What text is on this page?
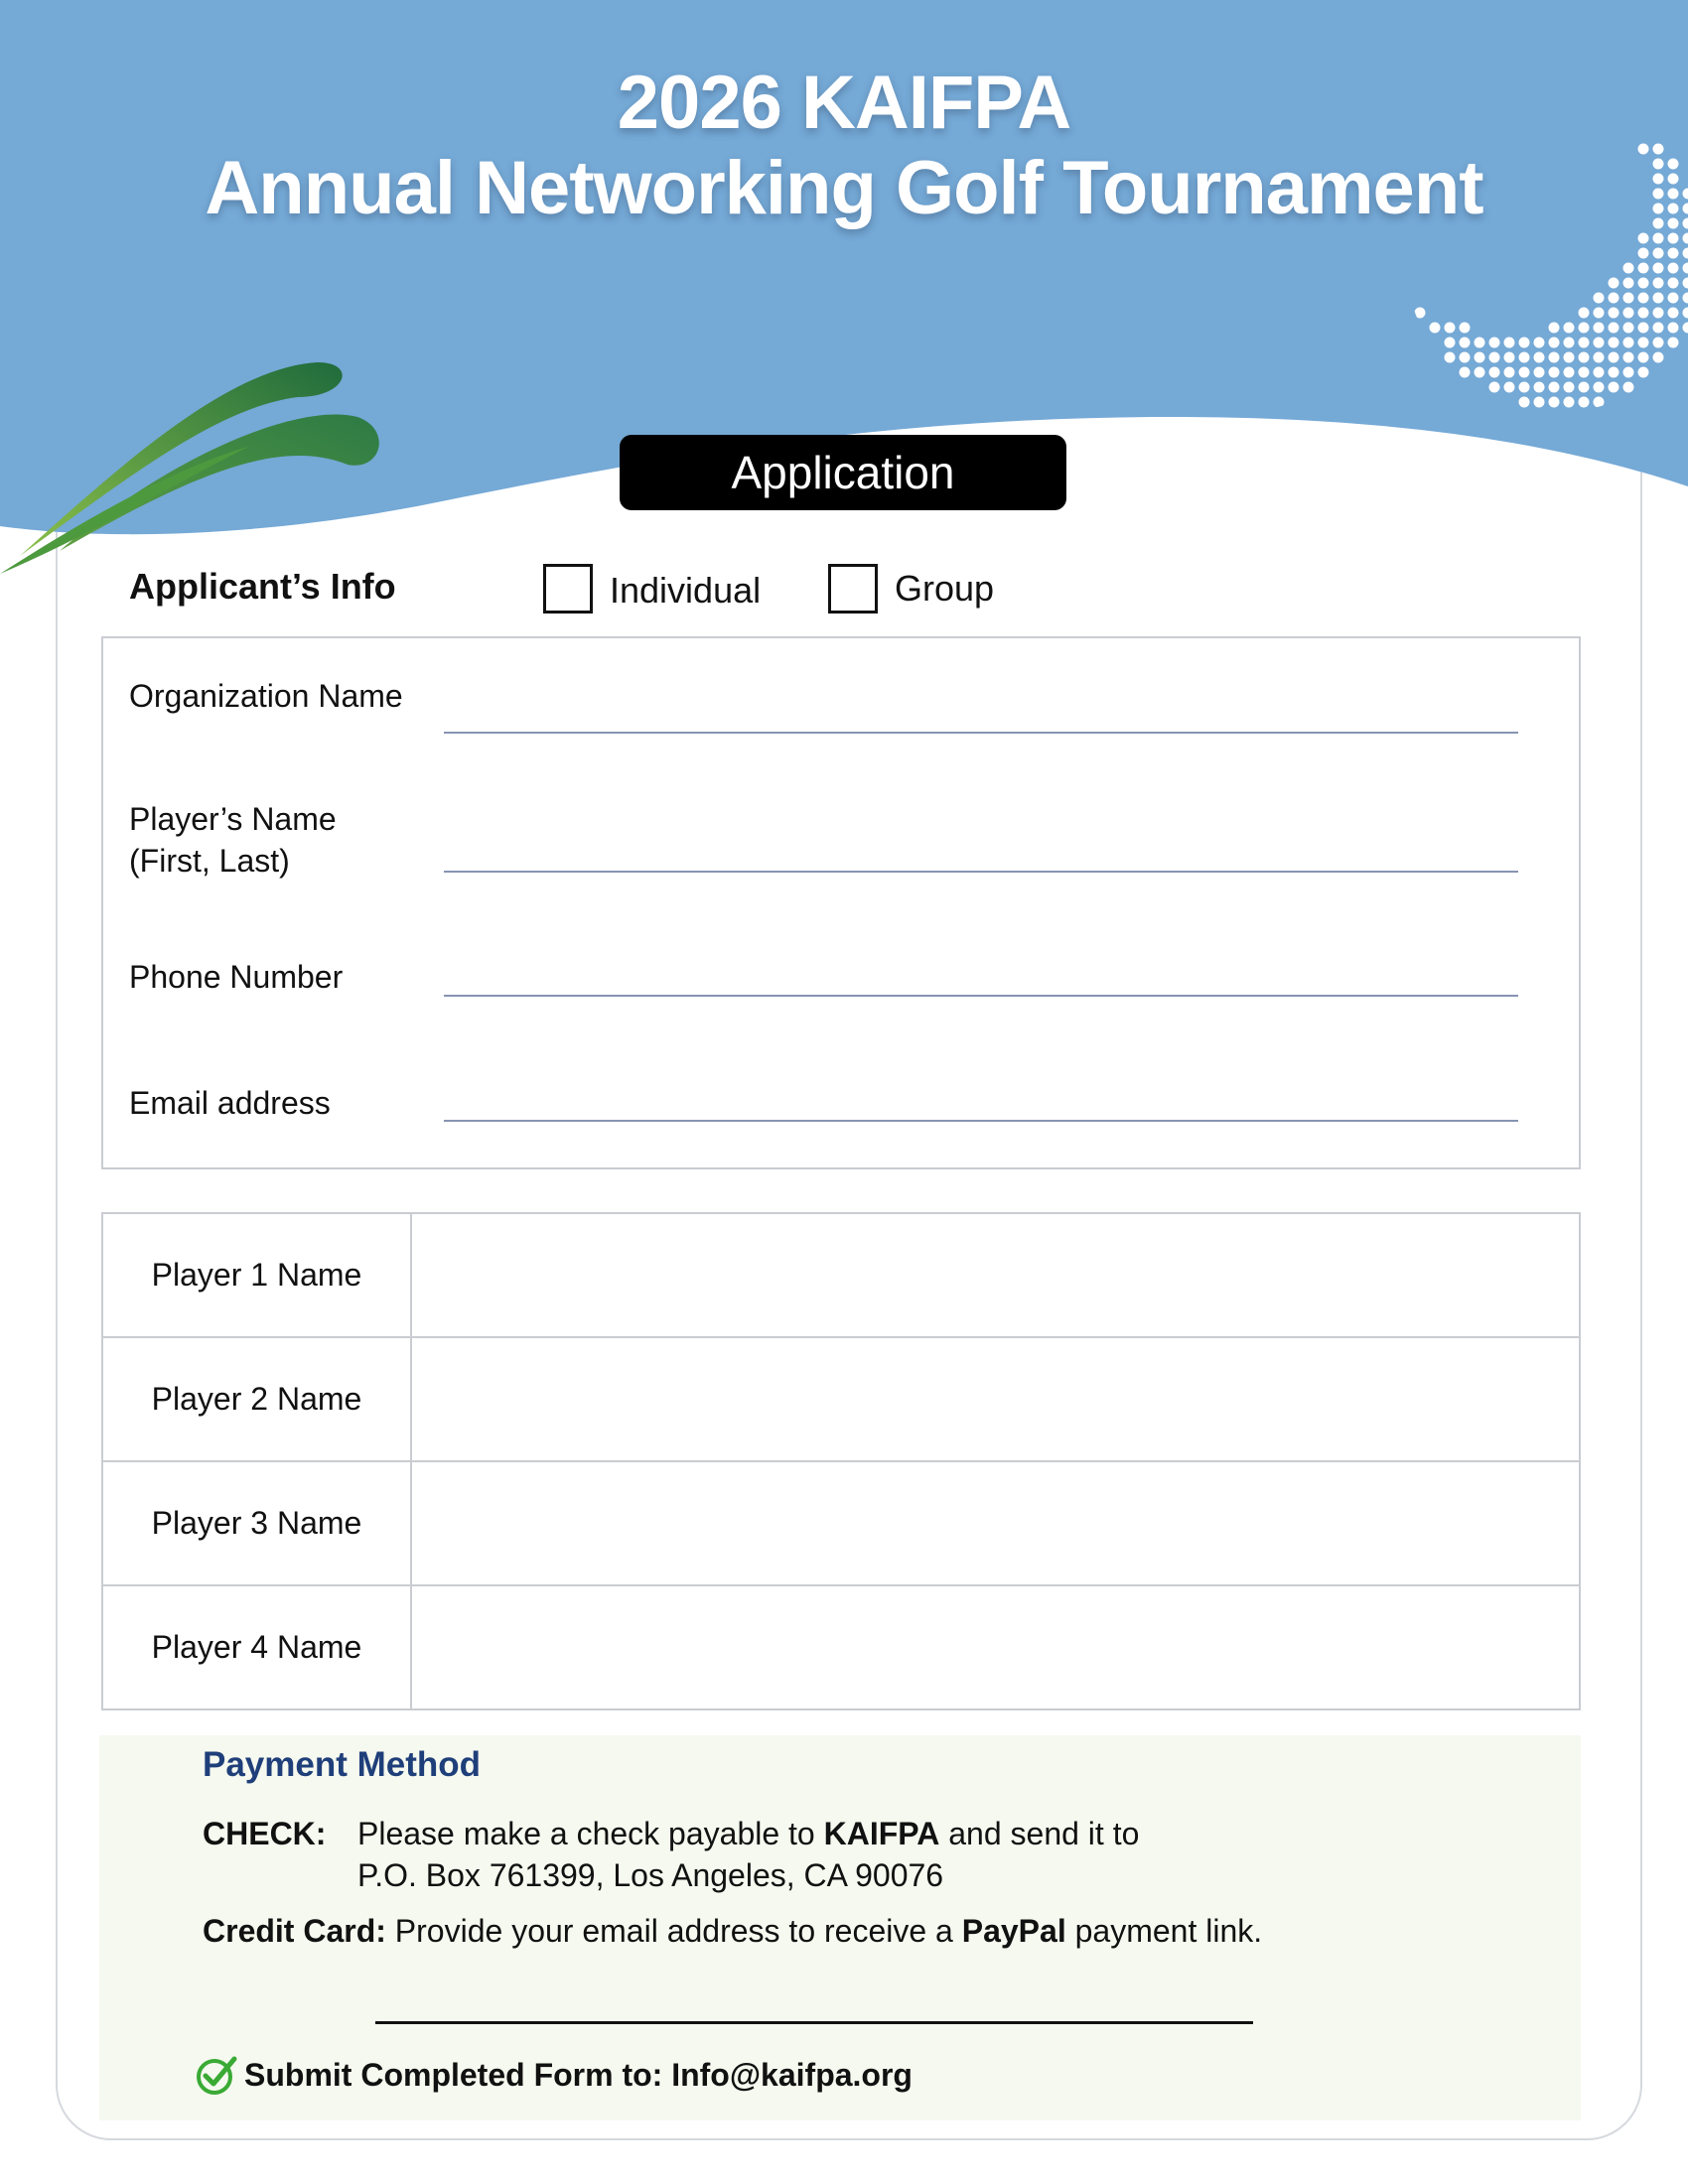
2026 KAIFPA
Annual Networking Golf Tournament
Application
Applicant’s Info	Individual	Group
Organization Name
Player’s Name
(First, Last)
Phone Number
Email address
Player 1 Name	
Player 2 Name	
Player 3 Name	
Player 4 Name	
Payment Method
CHECK: Please make a check payable to KAIFPA and send it to
P.O. Box 761399, Los Angeles, CA 90076
Credit Card: Provide your email address to receive a PayPal payment link.
Submit Completed Form to: Info@kaifpa.org
